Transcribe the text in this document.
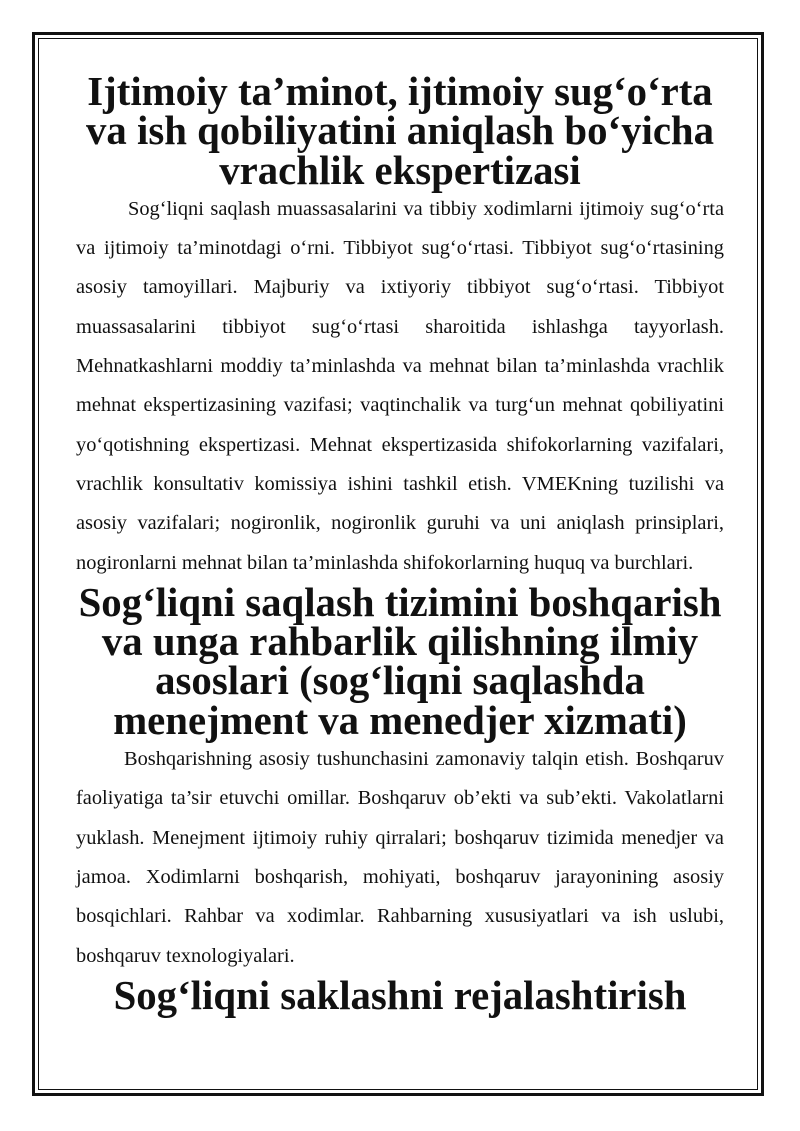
Ijtimoiy ta’minot, ijtimoiy sug‘o‘rta va ish qobiliyatini aniqlash bo‘yicha vrachlik ekspertizasi

Sog‘liqni saqlash muassasalarini va tibbiy xodimlarni ijtimoiy sug‘o‘rta va ijtimoiy ta’minotdagi o‘rni. Tibbiyot sug‘o‘rtasi. Tibbiyot sug‘o‘rtasining asosiy tamoyillari. Majburiy va ixtiyoriy tibbiyot sug‘o‘rtasi. Tibbiyot muassasalarini tibbiyot sug‘o‘rtasi sharoitida ishlashga tayyorlash. Mehnatkashlarni moddiy ta’minlashda va mehnat bilan ta’minlashda vrachlik mehnat ekspertizasining vazifasi; vaqtinchalik va turg‘un mehnat qobiliyatini yo‘qotishning ekspertizasi. Mehnat ekspertizasida shifokorlarning vazifalari, vrachlik konsultativ komissiya ishini tashkil etish. VMEKning tuzilishi va asosiy vazifalari; nogironlik, nogironlik guruhi va uni aniqlash prinsiplari, nogironlarni mehnat bilan ta’minlashda shifokorlarning huquq va burchlari.

Sog‘liqni saqlash tizimini boshqarish va unga rahbarlik qilishning ilmiy asoslari (sog‘liqni saqlashda menejment va menedjer xizmati)

Boshqarishning asosiy tushunchasini zamonaviy talqin etish. Boshqaruv faoliyatiga ta’sir etuvchi omillar. Boshqaruv ob’ekti va sub’ekti. Vakolatlarni yuklash. Menejment ijtimoiy ruhiy qirralari; boshqaruv tizimida menedjer va jamoa. Xodimlarni boshqarish, mohiyati, boshqaruv jarayonining asosiy bosqichlari. Rahbar va xodimlar. Rahbarning xususiyatlari va ish uslubi, boshqaruv texnologiyalari.

Sog‘liqni saklashni rejalashtirish
